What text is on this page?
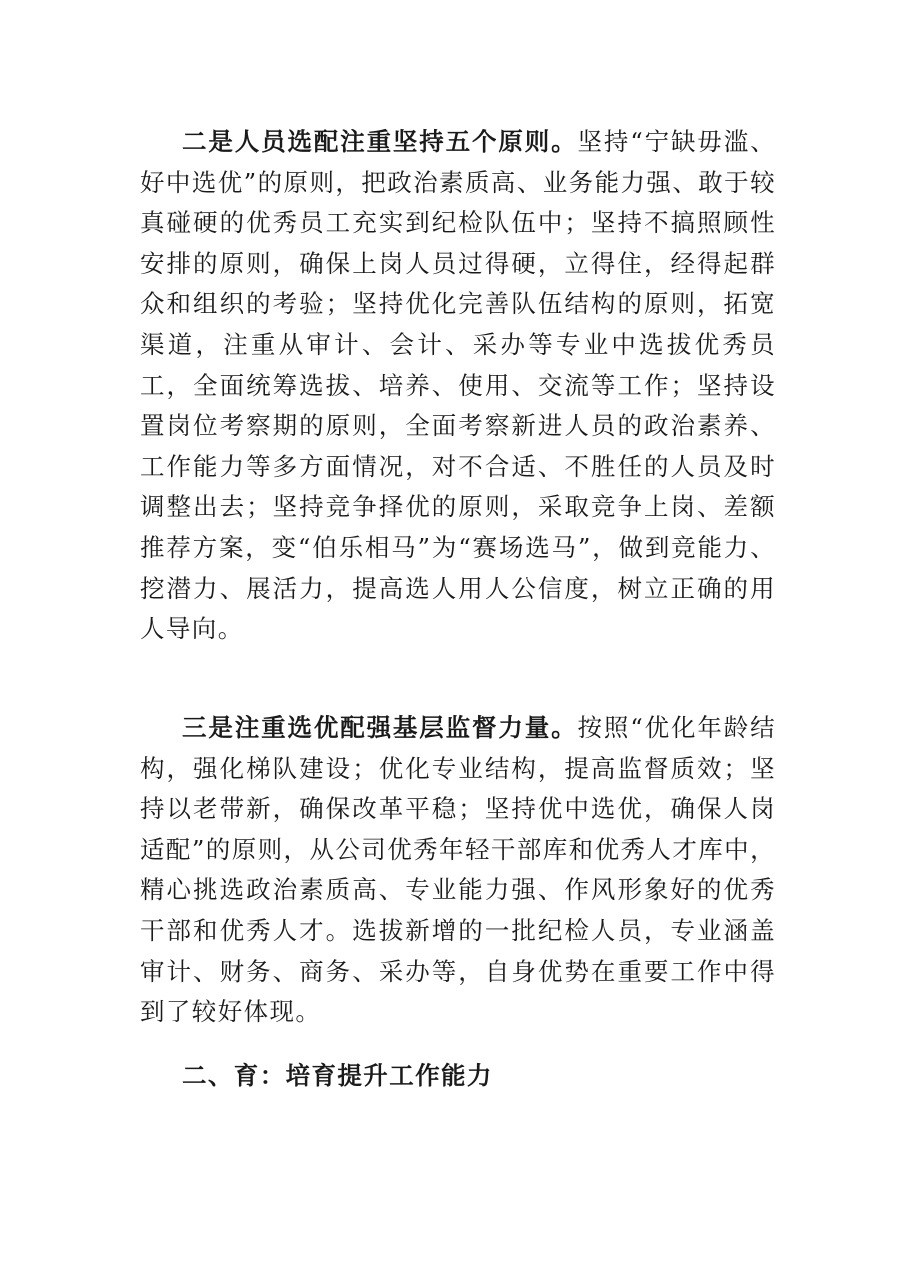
二是人员选配注重坚持五个原则。坚持“宁缺毋滥、好中选优”的原则，把政治素质高、业务能力强、敢于较真碰硬的优秀员工充实到纪检队伍中；坚持不搞照顾性安排的原则，确保上岗人员过得硬，立得住，经得起群众和组织的考验；坚持优化完善队伍结构的原则，拓宽渠道，注重从审计、会计、采办等专业中选拔优秀员工，全面统筹选拔、培养、使用、交流等工作；坚持设置岗位考察期的原则，全面考察新进人员的政治素养、工作能力等多方面情况，对不合适、不胜任的人员及时调整出去；坚持竞争择优的原则，采取竞争上岗、差额推荐方案，变“伯乐相马”为“赛场选马”，做到竞能力、挖潜力、展活力，提高选人用人公信度，树立正确的用人导向。

三是注重选优配强基层监督力量。按照“优化年龄结构，强化梯队建设；优化专业结构，提高监督质效；坚持以老带新，确保改革平稳；坚持优中选优，确保人岗适配”的原则，从公司优秀年轻干部库和优秀人才库中，精心挑选政治素质高、专业能力强、作风形象好的优秀干部和优秀人才。选拔新增的一批纪检人员，专业涵盖审计、财务、商务、采办等，自身优势在重要工作中得到了较好体现。

二、育：培育提升工作能力
